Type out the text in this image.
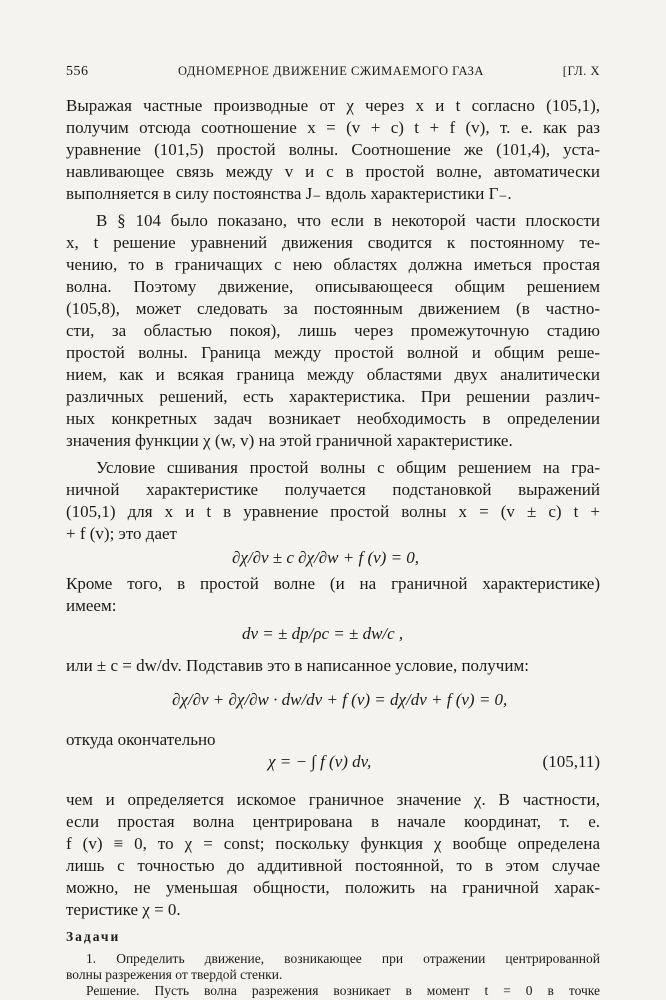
556	ОДНОМЕРНОЕ ДВИЖЕНИЕ СЖИМАЕМОГО ГАЗА	[ГЛ. X
Выражая частные производные от χ через x и t согласно (105,1),
получим отсюда соотношение x = (v + c) t + f (v), т. е. как раз
уравнение (101,5) простой волны. Соотношение же (101,4), уста-
навливающее связь между v и c в простой волне, автоматически
выполняется в силу постоянства J₋ вдоль характеристики Γ₋.
В § 104 было показано, что если в некоторой части плоскости
x, t решение уравнений движения сводится к постоянному те-
чению, то в граничащих с нею областях должна иметься простая
волна. Поэтому движение, описывающееся общим решением
(105,8), может следовать за постоянным движением (в частно-
сти, за областью покоя), лишь через промежуточную стадию
простой волны. Граница между простой волной и общим реше-
нием, как и всякая граница между областями двух аналитически
различных решений, есть характеристика. При решении различ-
ных конкретных задач возникает необходимость в определении
значения функции χ (w, v) на этой граничной характеристике.
Условие сшивания простой волны с общим решением на гра-
ничной характеристике получается подстановкой выражений
(105,1) для x и t в уравнение простой волны x = (v ± c) t +
+ f (v); это дает
∂χ/∂v ± c ∂χ/∂w + f (v) = 0,
Кроме того, в простой волне (и на граничной характеристике)
имеем:
dv = ± dp/ρc = ± dw/c ,
или ± c = dw/dv. Подставив это в написанное условие, получим:
∂χ/∂v + ∂χ/∂w · dw/dv + f (v) = dχ/dv + f (v) = 0,
откуда окончательно
χ = − ∫ f (v) dv,	(105,11)
чем и определяется искомое граничное значение χ. В частности,
если простая волна центрирована в начале координат, т. е.
f (v) ≡ 0, то χ = const; поскольку функция χ вообще определена
лишь с точностью до аддитивной постоянной, то в этом случае
можно, не уменьшая общности, положить на граничной харак-
теристике χ = 0.
Задачи
1. Определить движение, возникающее при отражении центрированной
волны разрежения от твердой стенки.
Решение. Пусть волна разрежения возникает в момент t = 0 в точке
